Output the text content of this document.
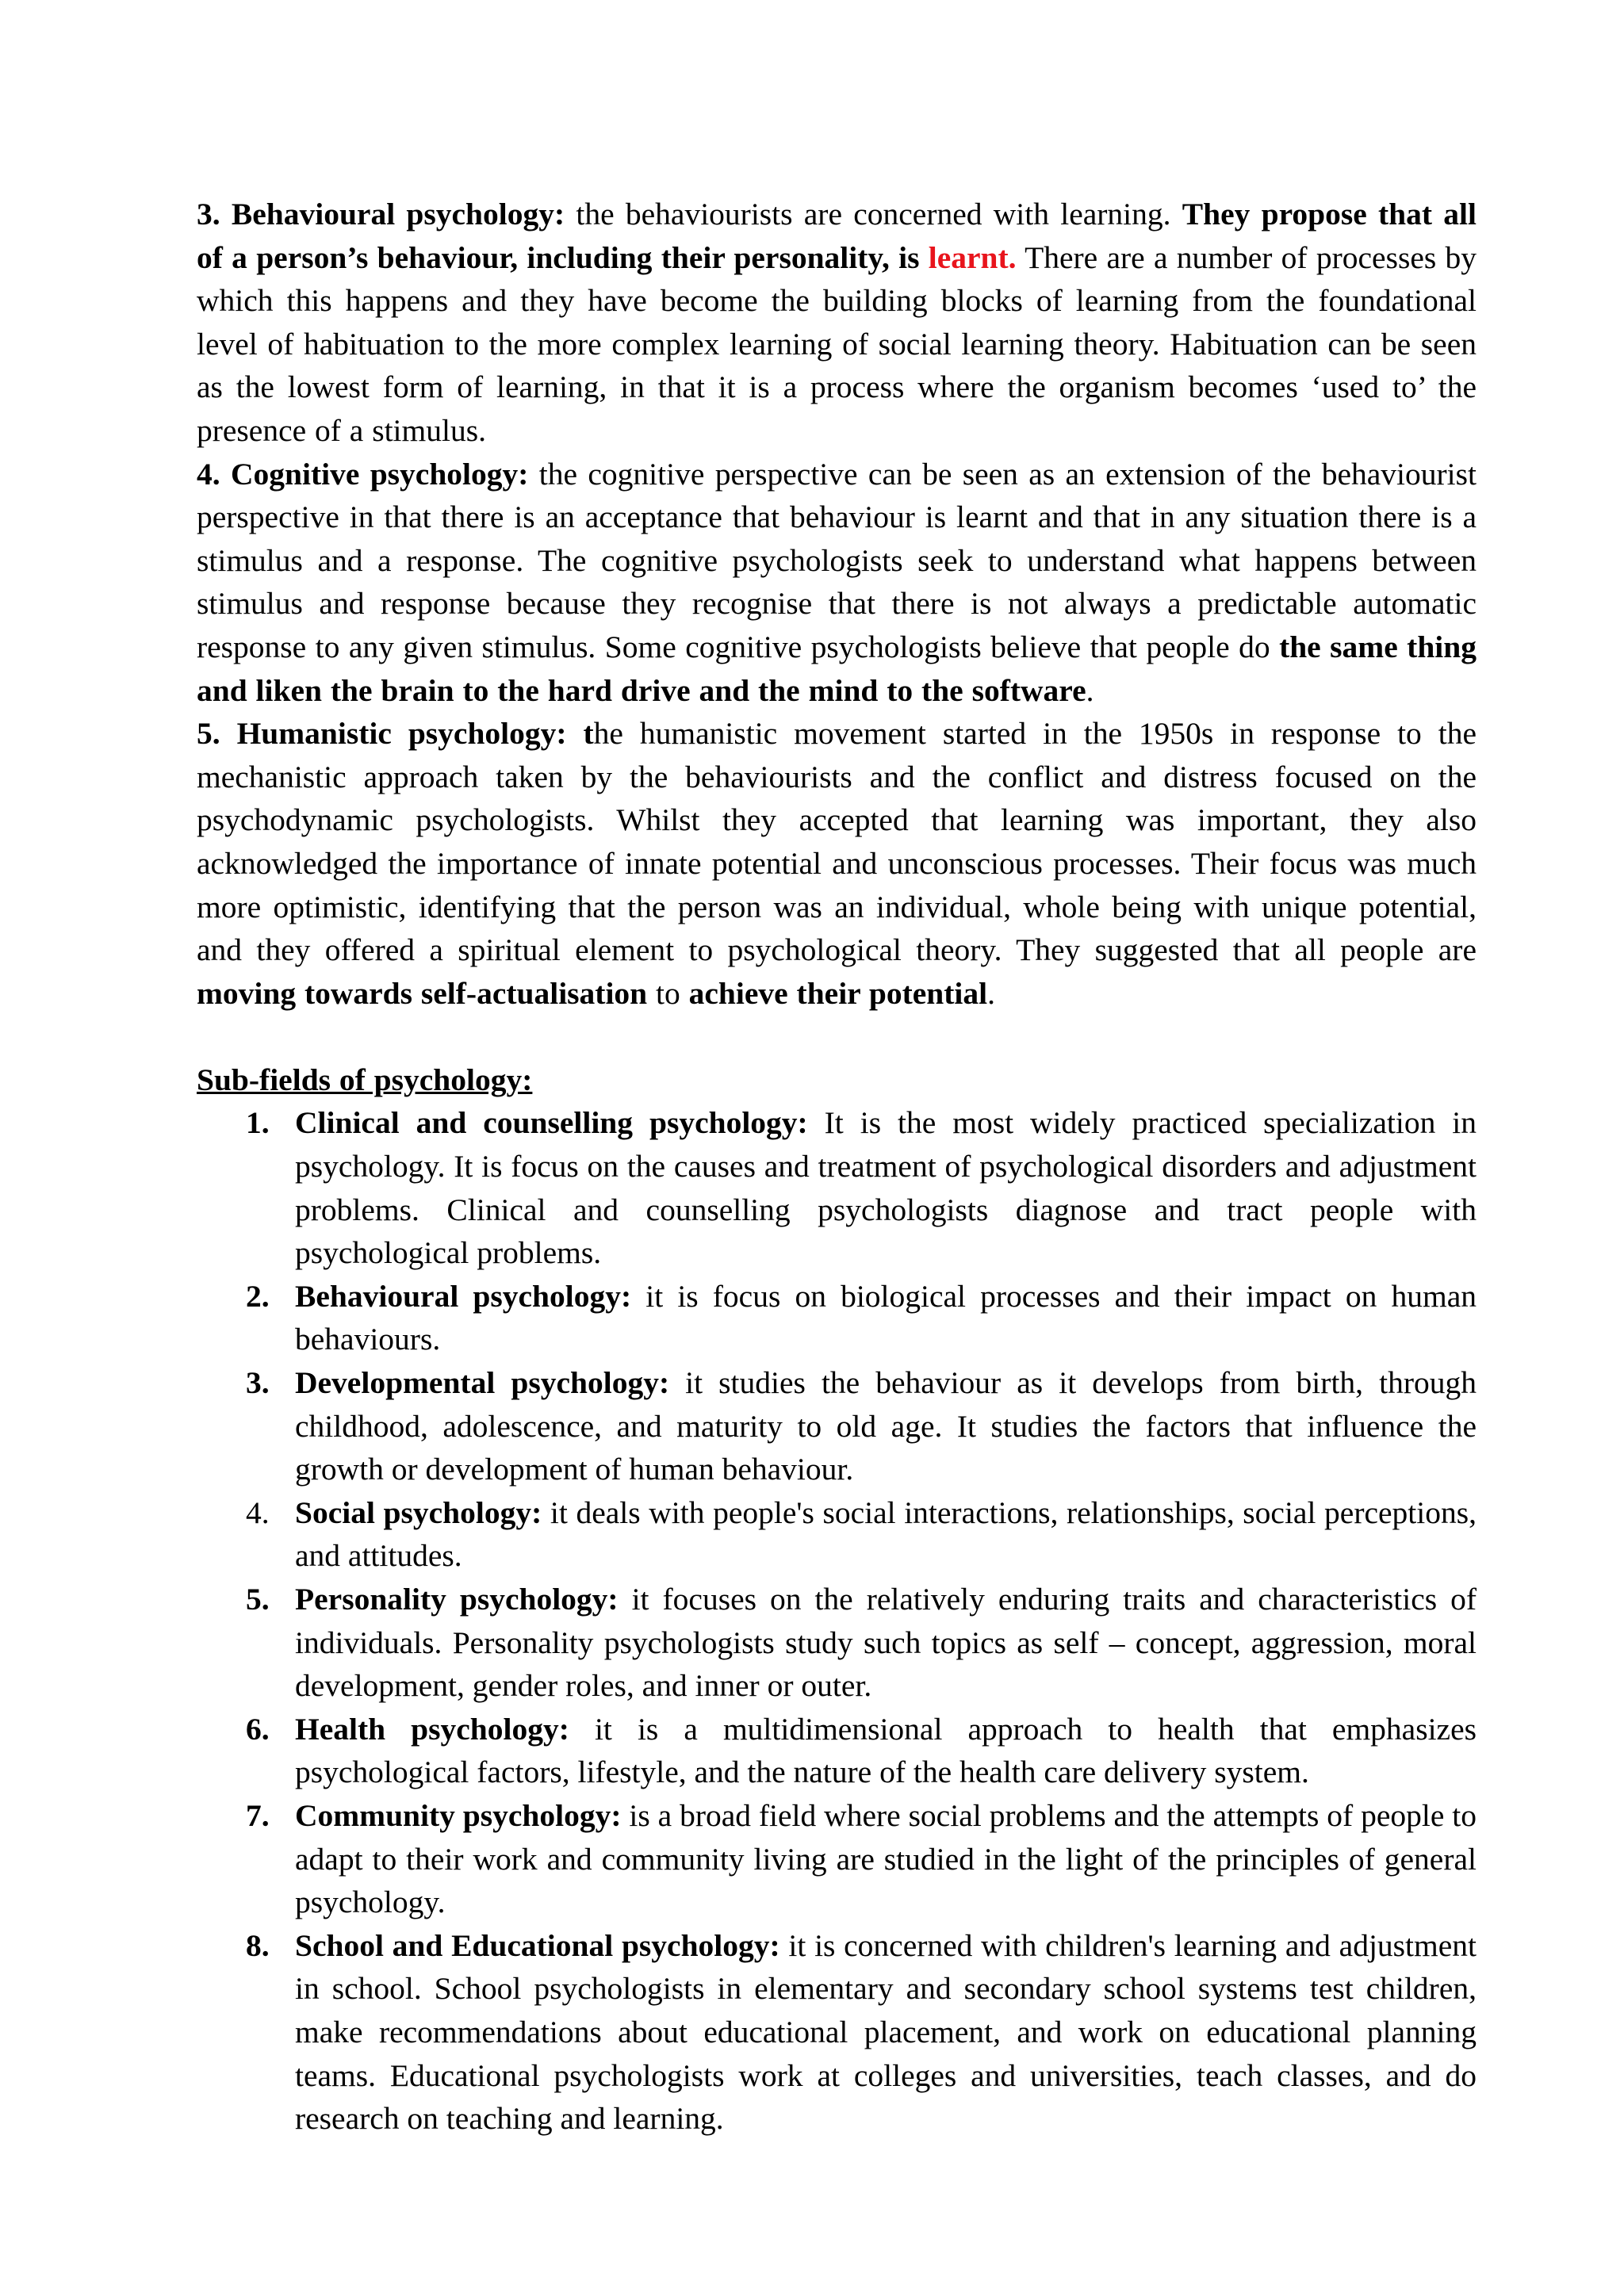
3. Behavioural psychology: the behaviourists are concerned with learning. They propose that all of a person’s behaviour, including their personality, is learnt. There are a number of processes by which this happens and they have become the building blocks of learning from the foundational level of habituation to the more complex learning of social learning theory. Habituation can be seen as the lowest form of learning, in that it is a process where the organism becomes ‘used to’ the presence of a stimulus.

4. Cognitive psychology: the cognitive perspective can be seen as an extension of the behaviourist perspective in that there is an acceptance that behaviour is learnt and that in any situation there is a stimulus and a response. The cognitive psychologists seek to understand what happens between stimulus and response because they recognise that there is not always a predictable automatic response to any given stimulus. Some cognitive psychologists believe that people do the same thing and liken the brain to the hard drive and the mind to the software.

5. Humanistic psychology: the humanistic movement started in the 1950s in response to the mechanistic approach taken by the behaviourists and the conflict and distress focused on the psychodynamic psychologists. Whilst they accepted that learning was important, they also acknowledged the importance of innate potential and unconscious processes. Their focus was much more optimistic, identifying that the person was an individual, whole being with unique potential, and they offered a spiritual element to psychological theory. They suggested that all people are moving towards self-actualisation to achieve their potential.

Sub-fields of psychology:

1. Clinical and counselling psychology: It is the most widely practiced specialization in psychology. It is focus on the causes and treatment of psychological disorders and adjustment problems. Clinical and counselling psychologists diagnose and tract people with psychological problems.
2. Behavioural psychology: it is focus on biological processes and their impact on human behaviours.
3. Developmental psychology: it studies the behaviour as it develops from birth, through childhood, adolescence, and maturity to old age. It studies the factors that influence the growth or development of human behaviour.
4. Social psychology: it deals with people's social interactions, relationships, social perceptions, and attitudes.
5. Personality psychology: it focuses on the relatively enduring traits and characteristics of individuals. Personality psychologists study such topics as self – concept, aggression, moral development, gender roles, and inner or outer.
6. Health psychology: it is a multidimensional approach to health that emphasizes psychological factors, lifestyle, and the nature of the health care delivery system.
7. Community psychology: is a broad field where social problems and the attempts of people to adapt to their work and community living are studied in the light of the principles of general psychology.
8. School and Educational psychology: it is concerned with children's learning and adjustment in school. School psychologists in elementary and secondary school systems test children, make recommendations about educational placement, and work on educational planning teams. Educational psychologists work at colleges and universities, teach classes, and do research on teaching and learning.
